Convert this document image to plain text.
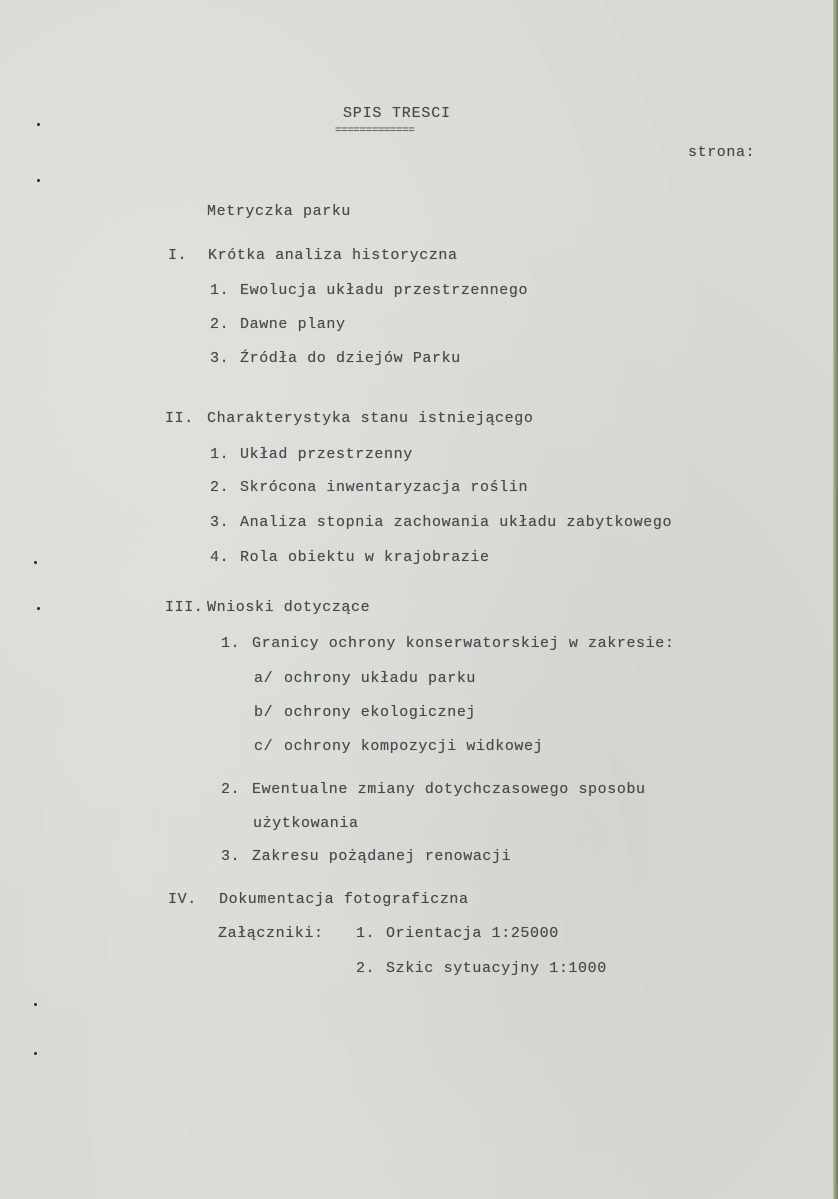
SPIS TRESCI
=============
strona:
Metryczka parku
I. Krótka analiza historyczna
1. Ewolucja układu przestrzennego
2. Dawne plany
3. Źródła do dziejów Parku
II. Charakterystyka stanu istniejącego
1. Układ przestrzenny
2. Skrócona inwentaryzacja roślin
3. Analiza stopnia zachowania układu zabytkowego
4. Rola obiektu w krajobrazie
III. Wnioski dotyczące
1. Granicy ochrony konserwatorskiej w zakresie:
a/ ochrony układu parku
b/ ochrony ekologicznej
c/ ochrony kompozycji widkowej
2. Ewentualne zmiany dotychczasowego sposobu
użytkowania
3. Zakresu pożądanej renowacji
IV. Dokumentacja fotograficzna
Załączniki: 1. Orientacja 1:25000
2. Szkic sytuacyjny 1:1000
